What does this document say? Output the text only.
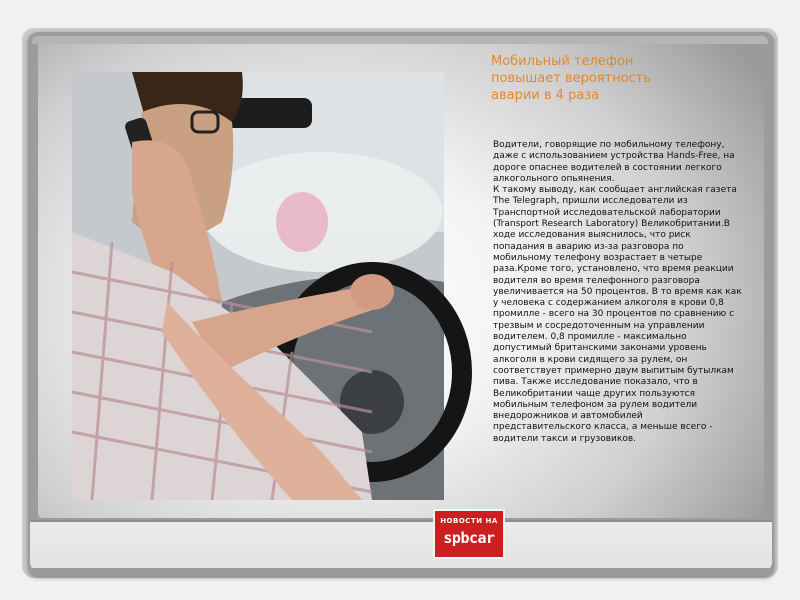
НОВОСТИ НА
spbcar
Мобильный телефон повышает вероятность аварии в 4 раза

Водители, говорящие по мобильному телефону, даже с использованием устройства Hands-Free, на дороге опаснее водителей в состоянии легкого алкогольного опьянения.

К такому выводу, как сообщает английская газета The Telegraph, пришли исследователи из Транспортной исследовательской лаборатории (Transport Research Laboratory) Великобритании.В ходе исследования выяснилось, что риск попадания в аварию из-за разговора по мобильному телефону возрастает в четыре раза.Кроме того, установлено, что время реакции водителя во время телефонного разговора увеличивается на 50 процентов. В то время как как у человека с содержанием алкоголя в крови 0,8 промилле - всего на 30 процентов по сравнению с трезвым и сосредоточенным на управлении водителем. 0,8 промилле - максимально допустимый британскими законами уровень алкоголя в крови сидящего за рулем, он соответствует примерно двум выпитым бутылкам пива. Также исследование показало, что в Великобритании чаще других пользуются мобильным телефоном за рулем водители внедорожников и автомобилей представительского класса, а меньше всего - водители такси и грузовиков.
